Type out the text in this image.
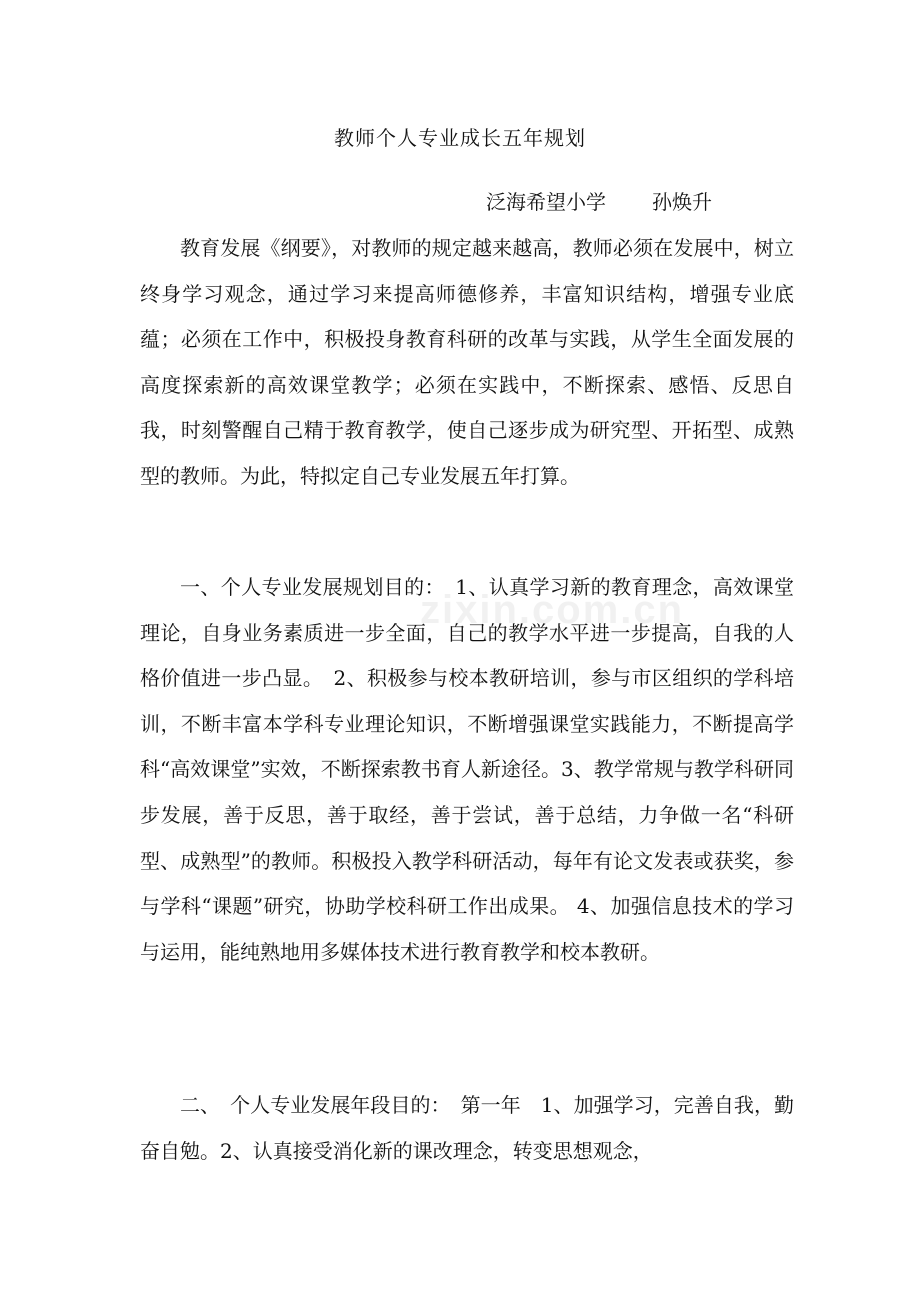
教师个人专业成长五年规划
泛海希望小学 孙焕升

教育发展《纲要》，对教师的规定越来越高，教师必须在发展中，树立终身学习观念，通过学习来提高师德修养，丰富知识结构，增强专业底蕴；必须在工作中，积极投身教育科研的改革与实践，从学生全面发展的高度探索新的高效课堂教学；必须在实践中，不断探索、感悟、反思自我，时刻警醒自己精于教育教学，使自己逐步成为研究型、开拓型、成熟型的教师。为此，特拟定自己专业发展五年打算。

一、个人专业发展规划目的：　1、认真学习新的教育理念，高效课堂理论，自身业务素质进一步全面，自己的教学水平进一步提高，自我的人格价值进一步凸显。　2、积极参与校本教研培训，参与市区组织的学科培训，不断丰富本学科专业理论知识，不断增强课堂实践能力，不断提高学科“高效课堂”实效，不断探索教书育人新途径。3、教学常规与教学科研同步发展，善于反思，善于取经，善于尝试，善于总结，力争做一名“科研型、成熟型”的教师。积极投入教学科研活动，每年有论文发表或获奖，参与学科“课题”研究，协助学校科研工作出成果。 4、加强信息技术的学习与运用，能纯熟地用多媒体技术进行教育教学和校本教研。

二、　个人专业发展年段目的：　第一年　1、加强学习，完善自我，勤奋自勉。2、认真接受消化新的课改理念，转变思想观念，

zixin.com.cn
